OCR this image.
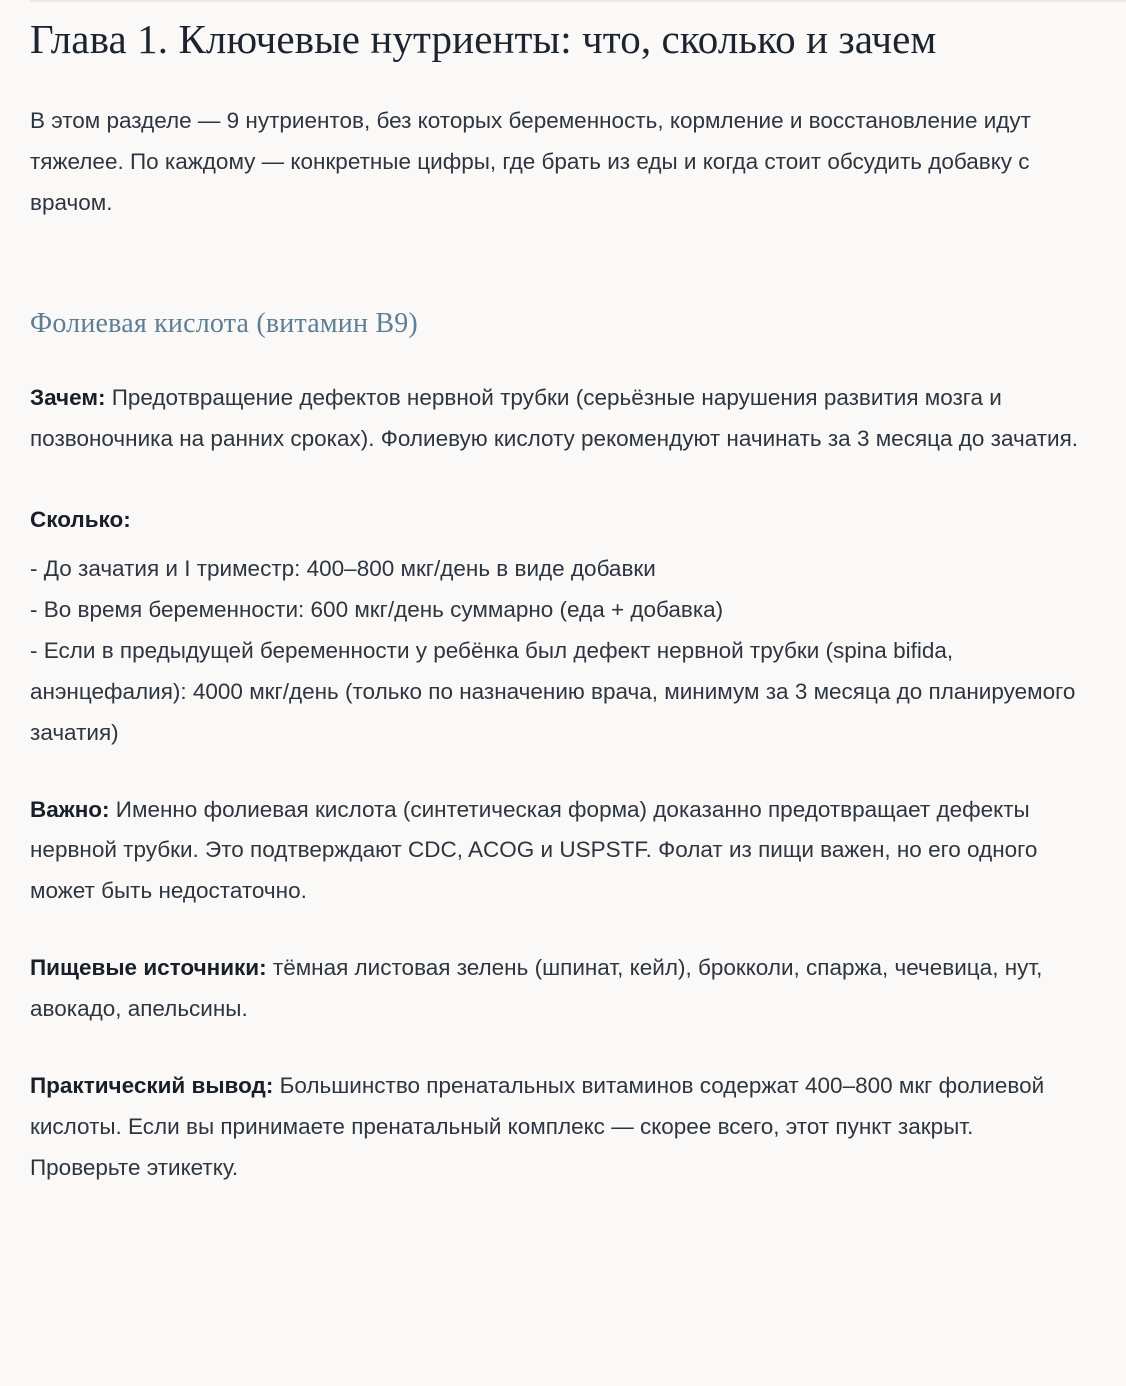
Глава 1. Ключевые нутриенты: что, сколько и зачем

В этом разделе — 9 нутриентов, без которых беременность, кормление и восстановление идут тяжелее. По каждому — конкретные цифры, где брать из еды и когда стоит обсудить добавку с врачом.

Фолиевая кислота (витамин B9)

Зачем: Предотвращение дефектов нервной трубки (серьёзные нарушения развития мозга и позвоночника на ранних сроках). Фолиевую кислоту рекомендуют начинать за 3 месяца до зачатия.

Сколько:

- До зачатия и I триместр: 400–800 мкг/день в виде добавки
- Во время беременности: 600 мкг/день суммарно (еда + добавка)
- Если в предыдущей беременности у ребёнка был дефект нервной трубки (spina bifida, анэнцефалия): 4000 мкг/день (только по назначению врача, минимум за 3 месяца до планируемого зачатия)

Важно: Именно фолиевая кислота (синтетическая форма) доказанно предотвращает дефекты нервной трубки. Это подтверждают CDC, ACOG и USPSTF. Фолат из пищи важен, но его одного может быть недостаточно.

Пищевые источники: тёмная листовая зелень (шпинат, кейл), брокколи, спаржа, чечевица, нут, авокадо, апельсины.

Практический вывод: Большинство пренатальных витаминов содержат 400–800 мкг фолиевой кислоты. Если вы принимаете пренатальный комплекс — скорее всего, этот пункт закрыт. Проверьте этикетку.
